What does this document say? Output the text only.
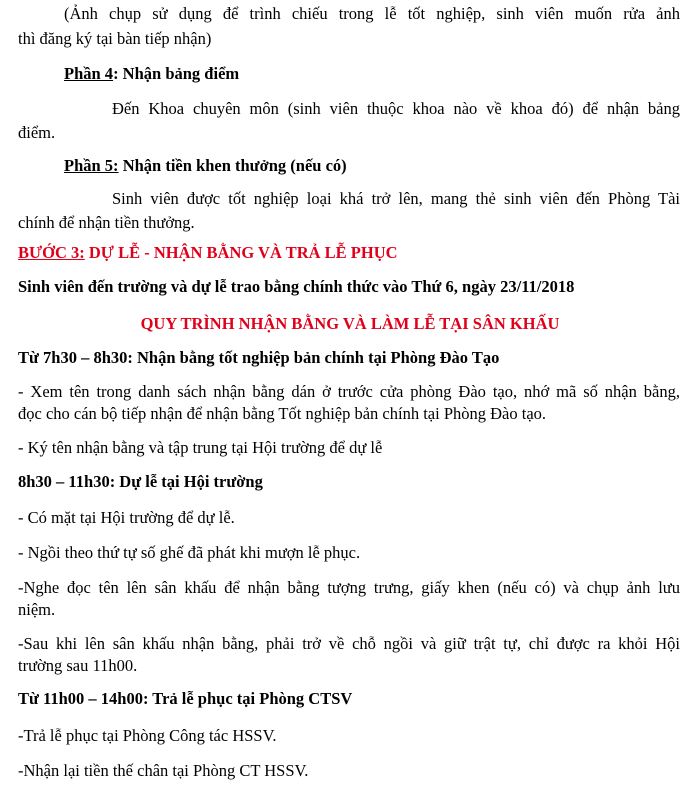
(Ảnh chụp sử dụng để trình chiếu trong lễ tốt nghiệp, sinh viên muốn rửa ảnh
thì đăng ký tại bàn tiếp nhận)
Phần 4: Nhận bảng điểm
Đến Khoa chuyên môn (sinh viên thuộc khoa nào về khoa đó) để nhận bảng
điểm.
Phần 5: Nhận tiền khen thưởng (nếu có)
Sinh viên được tốt nghiệp loại khá trở lên, mang thẻ sinh viên đến Phòng Tài
chính để nhận tiền thưởng.
BƯỚC 3: DỰ LỄ - NHẬN BẰNG VÀ TRẢ LỄ PHỤC
Sinh viên đến trường và dự lễ trao bằng chính thức vào Thứ 6, ngày 23/11/2018
QUY TRÌNH NHẬN BẰNG VÀ LÀM LỄ TẠI SÂN KHẤU
Từ 7h30 – 8h30: Nhận bằng tốt nghiệp bản chính tại Phòng Đào Tạo
- Xem tên trong danh sách nhận bằng dán ở trước cửa phòng Đào tạo, nhớ mã số nhận bằng,
đọc cho cán bộ tiếp nhận để nhận bằng Tốt nghiệp bản chính tại Phòng Đào tạo.
- Ký tên nhận bằng và tập trung tại Hội trường để dự lễ
8h30 – 11h30: Dự lễ tại Hội trường
- Có mặt tại Hội trường để dự lễ.
- Ngồi theo thứ tự số ghế đã phát khi mượn lễ phục.
-Nghe đọc tên lên sân khấu để nhận bằng tượng trưng, giấy khen (nếu có) và chụp ảnh lưu
niệm.
-Sau khi lên sân khấu nhận bằng, phải trở về chỗ ngồi và giữ trật tự, chỉ được ra khỏi Hội
trường sau 11h00.
Từ 11h00 – 14h00: Trả lễ phục tại Phòng CTSV
-Trả lễ phục tại Phòng Công tác HSSV.
-Nhận lại tiền thế chân tại Phòng CT HSSV.
